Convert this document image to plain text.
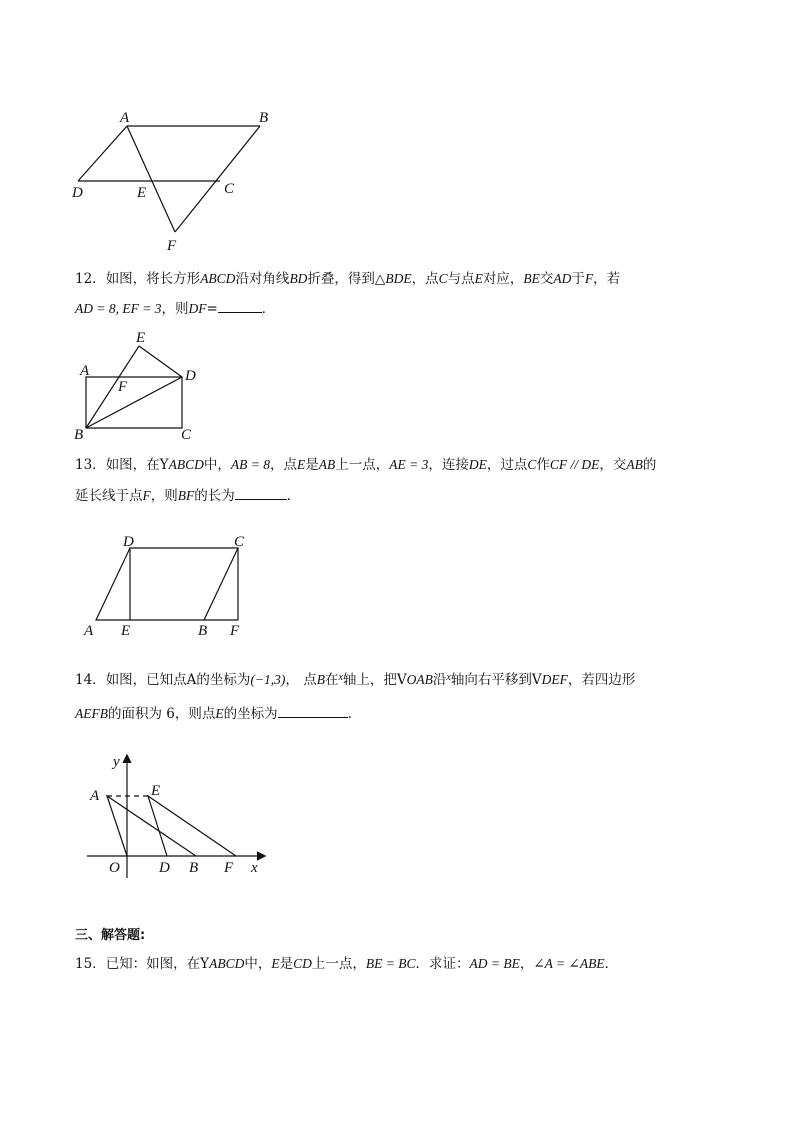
A	B
C
D	E
F
12．如图，将长方形ABCD沿对角线BD折叠，得到△BDE，点C与点E对应，BE交AD于F，若
AD = 8, EF = 3，则DF=	．
E
A
F
D
B	C
13．如图，在YABCD中，AB = 8，点E是AB上一点，AE = 3，连接DE，过点C作CF // DE，交AB的
延长线于点F，则BF的长为	．
D	C
A E	B F
14．如图，已知点A的坐标为(−1,3)， 点B在$^x$轴上，把VOAB沿$^x$轴向右平移到VDEF，若四边形
AEFB的面积为 6，则点E的坐标为	．
y
x
A	E
O	D B F
三、解答题:
15．已知：如图，在YABCD中，E是CD上一点，BE = BC．求证：AD = BE，∠A = ∠ABE．
